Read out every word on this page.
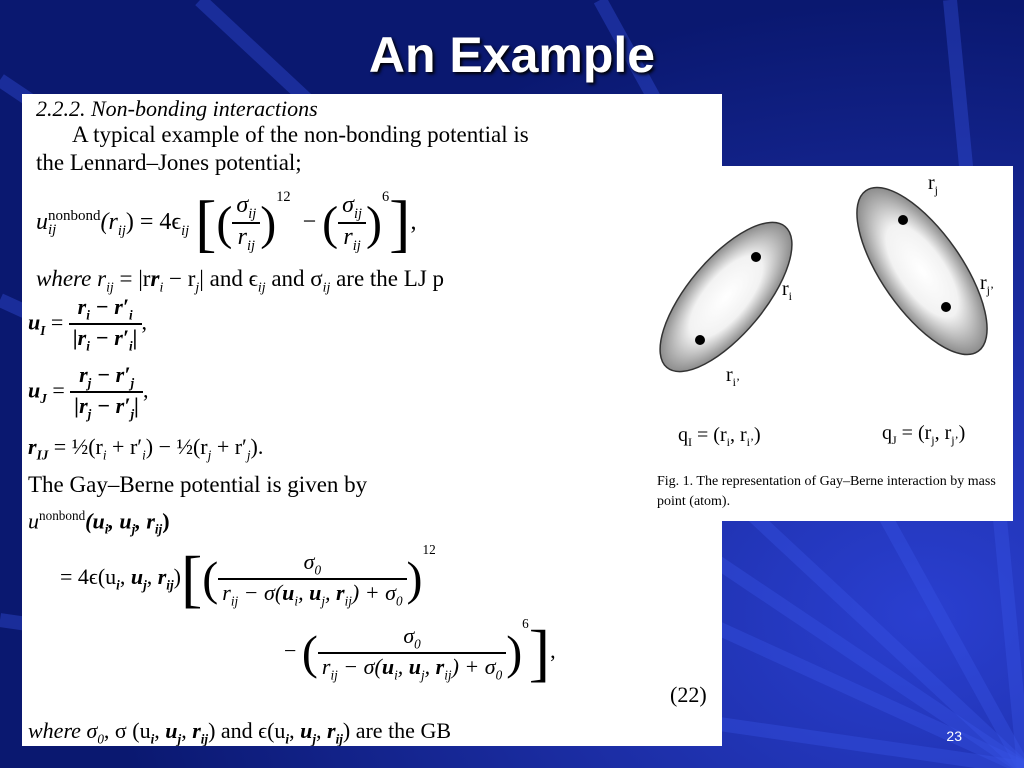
An Example
2.2.2. Non-bonding interactions
A typical example of the non-bonding potential is
the Lennard–Jones potential;
u nonbond
ij	$(r_{ij}) = 4\epsilon_{ij}$ [( $\frac{\sigma_{ij}}{r_{ij}} )^{12}$  − ( $\frac{\sigma_{ij}}{r_{ij}} )^6$],
where $r_{ij} = |rr_i - r_j|$ and $\epsilon_{ij}$ and $\sigma_{ij}$ are the LJ p
$u_I = \frac{r_i - r'_i}{|r_i - r'_i|}$ ,
$u_J = \frac{r_j - r'_j}{|r_j - r'_j|}$ ,
$r_{IJ}$ = $\frac{1}{2}(r_i + r'_i)$ − $\frac{1}{2}(r_j + r'_j)$.
The Gay–Berne potential is given by
$u^{nonbond}(u_i$, $u_j$, $r_{ij}$)
= $4\epsilon(u_i$, $u_j$, $r_{ij})[( \frac{\sigma_0}{r_{ij} - \sigma(u_i, u_j, r_{ij}) + \sigma_0} )^{12}$
− ( $\frac{\sigma_0}{r_{ij} - \sigma(u_i, u_j, r_{ij}) + \sigma_0} )^6$],
(22)
where $\sigma_0$, σ ($u_i$, $u_j$, $r_{ij}$) and $\epsilon(u_i$, $u_j$, $r_{ij}$) are the GB
$r_i$
$r_{i’}$
$r_j$
$r_{j’}$
$q_I = (r_i$, $r_{i’}$)	$q_J = (r_j$, $r_{j’}$)
Fig. 1. The representation of Gay–Berne interaction by mass point (atom).
23
